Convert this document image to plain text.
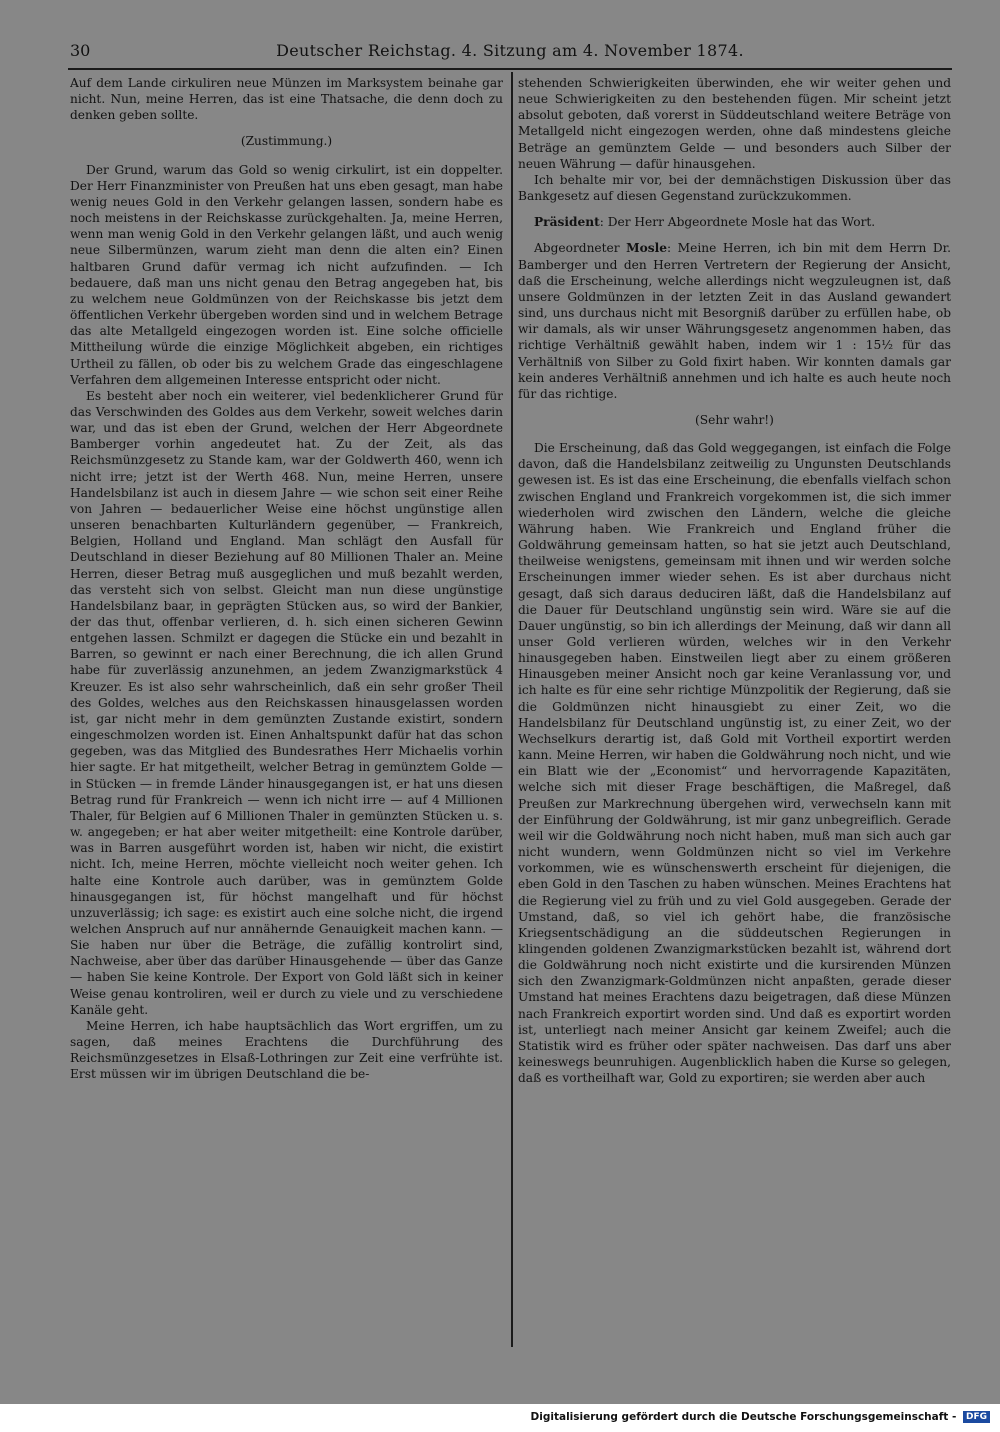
30	Deutscher Reichstag. 4. Sitzung am 4. November 1874.

Auf dem Lande cirkuliren neue Münzen im Marksystem beinahe gar nicht. Nun, meine Herren, das ist eine Thatsache, die denn doch zu denken geben sollte.

(Zustimmung.)

Der Grund, warum das Gold so wenig cirkulirt, ist ein doppelter. Der Herr Finanzminister von Preußen hat uns eben gesagt, man habe wenig neues Gold in den Verkehr gelangen lassen, sondern habe es noch meistens in der Reichskasse zurückgehalten. Ja, meine Herren, wenn man wenig Gold in den Verkehr gelangen läßt, und auch wenig neue Silbermünzen, warum zieht man denn die alten ein? Einen haltbaren Grund dafür vermag ich nicht aufzufinden. — Ich bedauere, daß man uns nicht genau den Betrag angegeben hat, bis zu welchem neue Goldmünzen von der Reichskasse bis jetzt dem öffentlichen Verkehr übergeben worden sind und in welchem Betrage das alte Metallgeld eingezogen worden ist. Eine solche officielle Mittheilung würde die einzige Möglichkeit abgeben, ein richtiges Urtheil zu fällen, ob oder bis zu welchem Grade das eingeschlagene Verfahren dem allgemeinen Interesse entspricht oder nicht.

Es besteht aber noch ein weiterer, viel bedenklicherer Grund für das Verschwinden des Goldes aus dem Verkehr, soweit welches darin war, und das ist eben der Grund, welchen der Herr Abgeordnete Bamberger vorhin angedeutet hat. Zu der Zeit, als das Reichsmünzgesetz zu Stande kam, war der Goldwerth 460, wenn ich nicht irre; jetzt ist der Werth 468. Nun, meine Herren, unsere Handelsbilanz ist auch in diesem Jahre — wie schon seit einer Reihe von Jahren — bedauerlicher Weise eine höchst ungünstige allen unseren benachbarten Kulturländern gegenüber, — Frankreich, Belgien, Holland und England. Man schlägt den Ausfall für Deutschland in dieser Beziehung auf 80 Millionen Thaler an. Meine Herren, dieser Betrag muß ausgeglichen und muß bezahlt werden, das versteht sich von selbst. Gleicht man nun diese ungünstige Handelsbilanz baar, in geprägten Stücken aus, so wird der Bankier, der das thut, offenbar verlieren, d. h. sich einen sicheren Gewinn entgehen lassen. Schmilzt er dagegen die Stücke ein und bezahlt in Barren, so gewinnt er nach einer Berechnung, die ich allen Grund habe für zuverlässig anzunehmen, an jedem Zwanzigmarkstück 4 Kreuzer. Es ist also sehr wahrscheinlich, daß ein sehr großer Theil des Goldes, welches aus den Reichskassen hinausgelassen worden ist, gar nicht mehr in dem gemünzten Zustande existirt, sondern eingeschmolzen worden ist. Einen Anhaltspunkt dafür hat das schon gegeben, was das Mitglied des Bundesrathes Herr Michaelis vorhin hier sagte. Er hat mitgetheilt, welcher Betrag in gemünztem Golde — in Stücken — in fremde Länder hinausgegangen ist, er hat uns diesen Betrag rund für Frankreich — wenn ich nicht irre — auf 4 Millionen Thaler, für Belgien auf 6 Millionen Thaler in gemünzten Stücken u. s. w. angegeben; er hat aber weiter mitgetheilt: eine Kontrole darüber, was in Barren ausgeführt worden ist, haben wir nicht, die existirt nicht. Ich, meine Herren, möchte vielleicht noch weiter gehen. Ich halte eine Kontrole auch darüber, was in gemünztem Golde hinausgegangen ist, für höchst mangelhaft und für höchst unzuverlässig; ich sage: es existirt auch eine solche nicht, die irgend welchen Anspruch auf nur annähernde Genauigkeit machen kann. — Sie haben nur über die Beträge, die zufällig kontrolirt sind, Nachweise, aber über das darüber Hinausgehende — über das Ganze — haben Sie keine Kontrole. Der Export von Gold läßt sich in keiner Weise genau kontroliren, weil er durch zu viele und zu verschiedene Kanäle geht.

Meine Herren, ich habe hauptsächlich das Wort ergriffen, um zu sagen, daß meines Erachtens die Durchführung des Reichsmünzgesetzes in Elsaß-Lothringen zur Zeit eine verfrühte ist. Erst müssen wir im übrigen Deutschland die be-

stehenden Schwierigkeiten überwinden, ehe wir weiter gehen und neue Schwierigkeiten zu den bestehenden fügen. Mir scheint jetzt absolut geboten, daß vorerst in Süddeutschland weitere Beträge von Metallgeld nicht eingezogen werden, ohne daß mindestens gleiche Beträge an gemünztem Gelde — und besonders auch Silber der neuen Währung — dafür hinausgehen.

Ich behalte mir vor, bei der demnächstigen Diskussion über das Bankgesetz auf diesen Gegenstand zurückzukommen.

Präsident: Der Herr Abgeordnete Mosle hat das Wort.

Abgeordneter Mosle: Meine Herren, ich bin mit dem Herrn Dr. Bamberger und den Herren Vertretern der Regierung der Ansicht, daß die Erscheinung, welche allerdings nicht wegzuleugnen ist, daß unsere Goldmünzen in der letzten Zeit in das Ausland gewandert sind, uns durchaus nicht mit Besorgniß darüber zu erfüllen habe, ob wir damals, als wir unser Währungsgesetz angenommen haben, das richtige Verhältniß gewählt haben, indem wir 1 : 15½ für das Verhältniß von Silber zu Gold fixirt haben. Wir konnten damals gar kein anderes Verhältniß annehmen und ich halte es auch heute noch für das richtige.

(Sehr wahr!)

Die Erscheinung, daß das Gold weggegangen, ist einfach die Folge davon, daß die Handelsbilanz zeitweilig zu Ungunsten Deutschlands gewesen ist. Es ist das eine Erscheinung, die ebenfalls vielfach schon zwischen England und Frankreich vorgekommen ist, die sich immer wiederholen wird zwischen den Ländern, welche die gleiche Währung haben. Wie Frankreich und England früher die Goldwährung gemeinsam hatten, so hat sie jetzt auch Deutschland, theilweise wenigstens, gemeinsam mit ihnen und wir werden solche Erscheinungen immer wieder sehen. Es ist aber durchaus nicht gesagt, daß sich daraus deduciren läßt, daß die Handelsbilanz auf die Dauer für Deutschland ungünstig sein wird. Wäre sie auf die Dauer ungünstig, so bin ich allerdings der Meinung, daß wir dann all unser Gold verlieren würden, welches wir in den Verkehr hinausgegeben haben. Einstweilen liegt aber zu einem größeren Hinausgeben meiner Ansicht noch gar keine Veranlassung vor, und ich halte es für eine sehr richtige Münzpolitik der Regierung, daß sie die Goldmünzen nicht hinausgiebt zu einer Zeit, wo die Handelsbilanz für Deutschland ungünstig ist, zu einer Zeit, wo der Wechselkurs derartig ist, daß Gold mit Vortheil exportirt werden kann. Meine Herren, wir haben die Goldwährung noch nicht, und wie ein Blatt wie der „Economist“ und hervorragende Kapazitäten, welche sich mit dieser Frage beschäftigen, die Maßregel, daß Preußen zur Markrechnung übergehen wird, verwechseln kann mit der Einführung der Goldwährung, ist mir ganz unbegreiflich. Gerade weil wir die Goldwährung noch nicht haben, muß man sich auch gar nicht wundern, wenn Goldmünzen nicht so viel im Verkehre vorkommen, wie es wünschenswerth erscheint für diejenigen, die eben Gold in den Taschen zu haben wünschen. Meines Erachtens hat die Regierung viel zu früh und zu viel Gold ausgegeben. Gerade der Umstand, daß, so viel ich gehört habe, die französische Kriegsentschädigung an die süddeutschen Regierungen in klingenden goldenen Zwanzigmarkstücken bezahlt ist, während dort die Goldwährung noch nicht existirte und die kursirenden Münzen sich den Zwanzigmark-Goldmünzen nicht anpaßten, gerade dieser Umstand hat meines Erachtens dazu beigetragen, daß diese Münzen nach Frankreich exportirt worden sind. Und daß es exportirt worden ist, unterliegt nach meiner Ansicht gar keinem Zweifel; auch die Statistik wird es früher oder später nachweisen. Das darf uns aber keineswegs beunruhigen. Augenblicklich haben die Kurse so gelegen, daß es vortheilhaft war, Gold zu exportiren; sie werden aber auch

Digitalisierung gefördert durch die Deutsche Forschungsgemeinschaft - DFG
